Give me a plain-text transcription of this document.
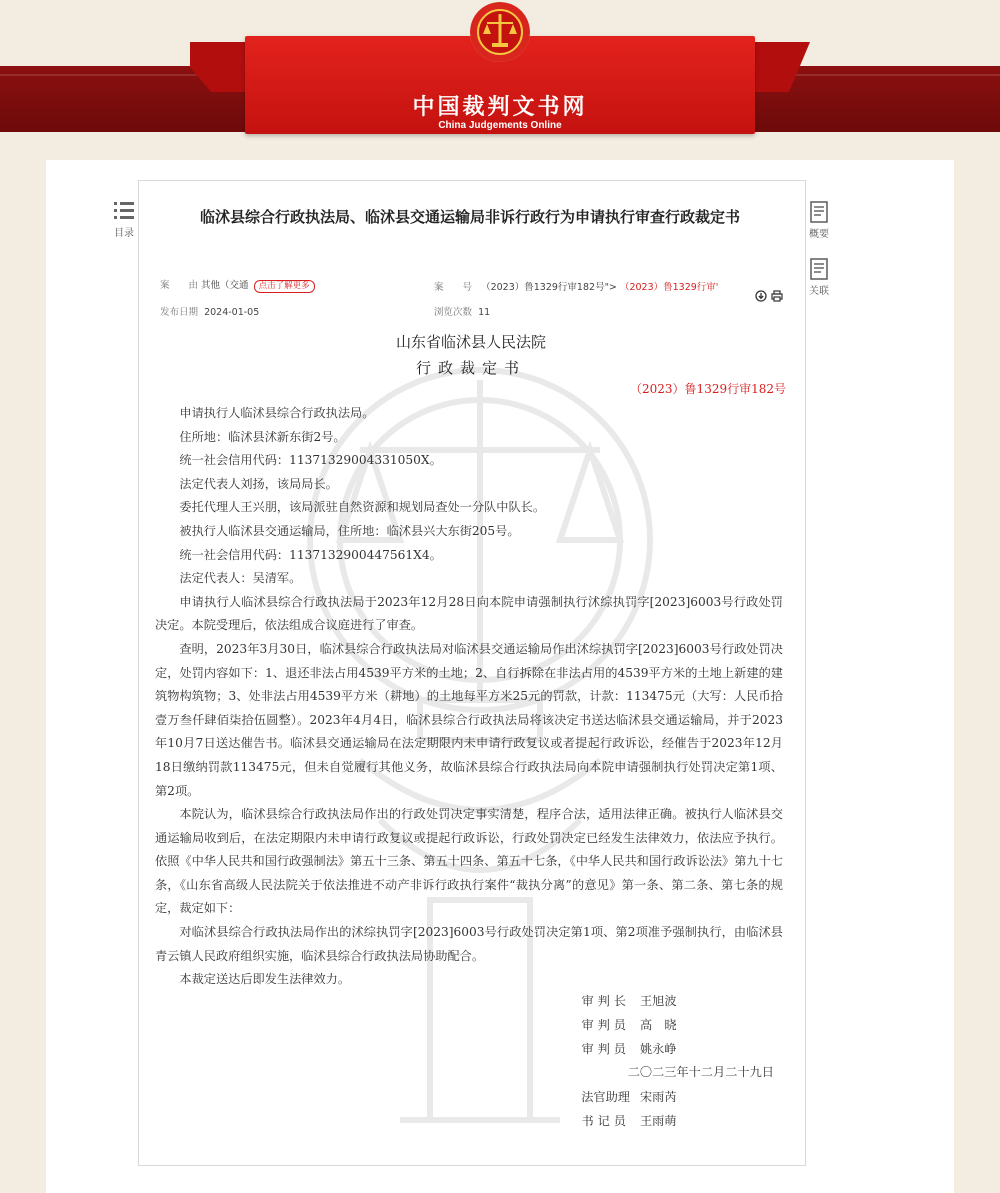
中国裁判文书网
China Judgements Online
目录	概要
关联
临沭县综合行政执法局、临沭县交通运输局非诉行政行为申请执行审查行政裁定书
案　　由 其他（交通 点击了解更多	案　　号 （2023）鲁1329行审182号"> （2023）鲁1329行审'
发布日期 2024-01-05	浏览次数 11
山东省临沭县人民法院
行政裁定书
（2023）鲁1329行审182号

申请执行人临沭县综合行政执法局。

住所地：临沭县沭新东街2号。

统一社会信用代码：11371329004331050X。

法定代表人刘扬，该局局长。

委托代理人王兴朋，该局派驻自然资源和规划局查处一分队中队长。

被执行人临沭县交通运输局，住所地：临沭县兴大东街205号。

统一社会信用代码：113713290044756​1X4。

法定代表人：吴清军。

申请执行人临沭县综合行政执法局于2023年12月28日向本院申请强制执行沭综执罚字[2023]6003号行政处罚决定。本院受理后，依法组成合议庭进行了审查。

查明，2023年3月30日，临沭县综合行政执法局对临沭县交通运输局作出沭综执罚字[2023]6003号行政处罚决定，处罚内容如下：1、退还非法占用4539平方米的土地；2、自行拆除在非法占用的4539平方米的土地上新建的建筑物构筑物；3、处非法占用4539平方米（耕地）的土地每平方米25元的罚款，计款：113475元（大写：人民币拾壹万叁仟肆佰柒拾伍圆整）。2023年4月4日，临沭县综合行政执法局将该决定书送达临沭县交通运输局，并于2023年10月7日送达催告书。临沭县交通运输局在法定期限内未申请行政复议或者提起行政诉讼，经催告于2023年12月18日缴纳罚款113475元，但未自觉履行其他义务，故临沭县综合行政执法局向本院申请强制执行处罚决定第1项、第2项。

本院认为，临沭县综合行政执法局作出的行政处罚决定事实清楚，程序合法，适用法律正确。被执行人临沭县交通运输局收到后，在法定期限内未申请行政复议或提起行政诉讼，行政处罚决定已经发生法律效力，依法应予执行。依照《中华人民共和国行政强制法》第五十三条、第五十四条、第五十七条，《中华人民共和国行政诉讼法》第九十七条，《山东省高级人民法院关于依法推进不动产非诉行政执行案件“裁执分离”的意见》第一条、第二条、第七条的规定，裁定如下：

对临沭县综合行政执法局作出的沭综执罚字[2023]6003号行政处罚决定第1项、第2项准予强制执行，由临沭县青云镇人民政府组织实施，临沭县综合行政执法局协助配合。

本裁定送达后即发生法律效力。

审判长 王旭波
审判员 高　晓
审判员 姚永峥
二〇二三年十二月二十九日
法官助理 宋雨芮
书记员 王雨萌
